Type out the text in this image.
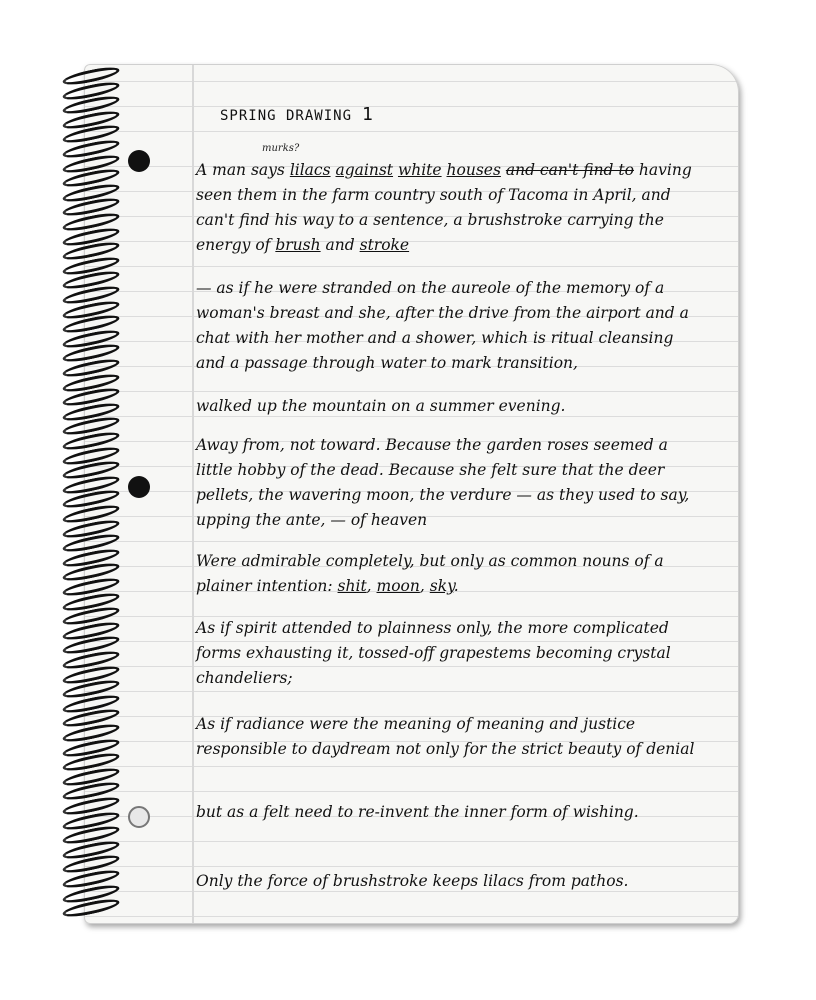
SPRING DRAWING 1
murks?
A man says lilacs against white houses and can't find to having seen them in the farm country south of Tacoma in April, and can't find his way to a sentence, a brushstroke carrying the energy of brush and stroke
— as if he were stranded on the aureole of the memory of a woman's breast and she, after the drive from the airport and a chat with her mother and a shower, which is ritual cleansing and a passage through water to mark transition,
walked up the mountain on a summer evening.
Away from, not toward. Because the garden roses seemed a little hobby of the dead. Because she felt sure that the deer pellets, the wavering moon, the verdure — as they used to say, upping the ante, — of heaven
Were admirable completely, but only as common nouns of a plainer intention: shit, moon, sky.
As if spirit attended to plainness only, the more complicated forms exhausting it, tossed-off grapestems becoming crystal chandeliers;
As if radiance were the meaning of meaning and justice responsible to daydream not only for the strict beauty of denial
but as a felt need to re-invent the inner form of wishing.
Only the force of brushstroke keeps lilacs from pathos.
